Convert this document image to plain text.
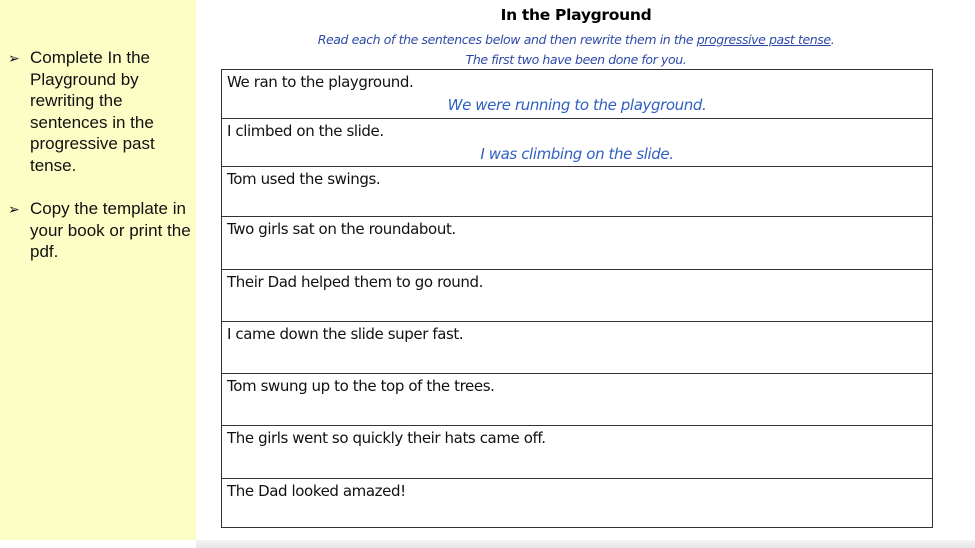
➢ Complete In the Playground by rewriting the sentences in the progressive past tense.
➢ Copy the template in your book or print the pdf.
In the Playground
Read each of the sentences below and then rewrite them in the progressive past tense.
The first two have been done for you.
We ran to the playground.
We were running to the playground.
I climbed on the slide.
I was climbing on the slide.
Tom used the swings.
Two girls sat on the roundabout.
Their Dad helped them to go round.
I came down the slide super fast.
Tom swung up to the top of the trees.
The girls went so quickly their hats came off.
The Dad looked amazed!
